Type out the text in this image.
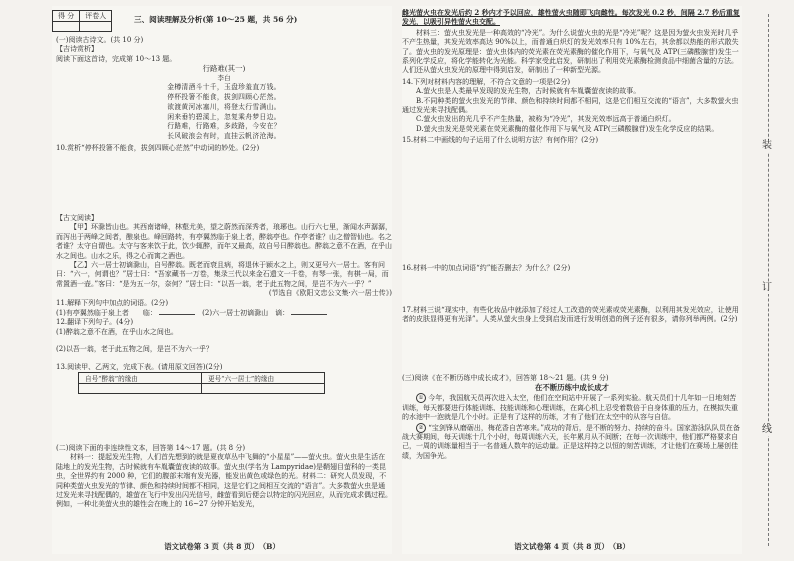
得 分	评卷人
		三、阅读理解及分析(第 10～25 题，共 56 分)

(一)阅读古诗文。(共 10 分)

【吉诗赏析】

阅读下面这首诗，完成第 10～13 题。

行路难(其一)

李白

金樽清酒斗十千，玉盘珍羞直万钱。

停杯投箸不能食，拔剑四顾心茫然。

欲渡黄河冰塞川，将登太行雪满山。

闲来垂钓碧溪上，忽复乘舟梦日边。

行路难，行路难，多歧路，今安在？

长风破浪会有时，直挂云帆济沧海。

10.赏析“停杯投箸不能食，拔剑四顾心茫然”中动词的妙处。(2分)

【古文阅读】

【甲】环滁皆山也。其西南诸峰，林壑尤美，望之蔚然而深秀者，琅琊也。山行六七里，渐闻水声潺潺，而泻出于两峰之间者，酿泉也。峰回路转，有亭翼然临于泉上者，醉翁亭也。作亭者谁？山之僧智仙也。名之者谁？太守自谓也。太守与客来饮于此，饮少辄醉，而年又最高，故自号曰醉翁也。醉翁之意不在酒，在乎山水之间也。山水之乐，得之心而寓之酒也。

【乙】六一居士初谪滁山，自号醉翁。既老而衰且病，将退休于颍水之上，则又更号六一居士。客有问曰：“六一，何谓也？”居士曰：“吾家藏书一万卷，集录三代以来金石遗文一千卷，有琴一张，有棋一局，而常置酒一壶。”客曰：“是为五一尔，奈何？”居士曰：“以吾一翁，老于此五物之间，是岂不为六一乎？”

(节选自《欧阳文忠公文集·六一居士传》)

11.解释下列句中加点的词语。(2分)

(1)有亭翼然临于泉上者　　临： 　	(2)六一居士初谪滁山　谪：

12.翻译下列句子。(4分)

(1)醉翁之意不在酒，在乎山水之间也。

(2)以吾一翁，老于此五物之间，是岂不为六一乎？

13.阅读甲、乙两文，完成下表。(请用原文回答)(2分)

自号“醉翁”的缘由	更号“六一居士”的缘由

(二)阅读下面的非连续性文本，回答第 14～17 题。(共 8 分)

材料一：提起发光生物，人们首先想到的就是夏夜草丛中飞舞的“小星星”——萤火虫。萤火虫是生活在陆地上的发光生物，古时候就有车胤囊萤夜读的故事。萤火虫(学名为 Lampyridae)是鞘翅目萤科的一类昆虫，全世界约有 2000 种，它们的腹部末端有发光器，能发出黄色或绿色的光。材料二：研究人员发现，不同种类萤火虫发光的节律、颜色和持续时间都不相同，这是它们之间相互交流的“语言”。大多数萤火虫是通过发光来寻找配偶的，雄萤在飞行中发出闪光信号，雌萤看到后便会以特定的闪光回应，从而完成求偶过程。例如，一种北美萤火虫的雄性会在晚上的 16~27 分钟开始发光，

语文试卷第 3 页（共 8 页）　（B）

雌光萤火虫在发光后约 2 秒内才予以回应，雄性萤火虫随即飞向雌性。每次发光 0.2 秒，间隔 2.7 秒后重复发光，以吸引异性萤火虫交配。

材料三：萤火虫发光是一种高效的“冷光”。为什么说萤火虫的光是“冷光”呢？这是因为萤火虫发光时几乎不产生热量，其发光效率高达 90%以上，而普通白炽灯的发光效率只有 10%左右，其余都以热能的形式散失了。萤火虫的发光原理是：萤火虫体内的荧光素在荧光素酶的催化作用下，与氧气及 ATP(三磷酸腺苷)发生一系列化学反应，将化学能转化为光能。科学家受此启发，研制出了利用荧光素酶检测食品中细菌含量的方法。人们还从萤火虫发光的原理中得到启发，研制出了一种新型光源。

14.下列对材料内容的理解，不符合文意的一项是(2分)

A.萤火虫是人类最早发现的发光生物，古时候就有车胤囊萤夜读的故事。

B.不同种类的萤火虫发光的节律、颜色和持续时间都不相同，这是它们相互交流的“语言”，大多数萤火虫通过发光来寻找配偶。

C.萤火虫发出的光几乎不产生热量，被称为“冷光”，其发光效率远高于普通白炽灯。

D.萤火虫发光是荧光素在荧光素酶的催化作用下与氧气及 ATP(三磷酸腺苷)发生化学反应的结果。

15.材料二中画线的句子运用了什么说明方法？有何作用？(2分)

16.材料一中的加点词语“约”能否删去？为什么？(2分)

17.材料三说“现实中，有些化妆品中就添加了经过人工改造的荧光素或荧光素酶，以利用其发光效应，让使用者的皮肤显得更有光泽”。人类从萤火虫身上受到启发而进行发明创造的例子还有很多，请你列举两例。(2分)

(三)阅读《在不断历练中成长成才》，回答第 18～21 题。(共 9 分)

在不断历练中成长成才

① 今年，我国航天员再次进入太空，他们在空间站中开展了一系列实验。航天员们十几年如一日地刻苦训练，每天都要进行体能训练、技能训练和心理训练，在离心机上忍受着数倍于自身体重的压力，在模拟失重的水池中一泡就是几个小时。正是有了这样的历练，才有了他们在太空中的从容与自信。

② “宝剑锋从磨砺出，梅花香自苦寒来。”成功的背后，是不断的努力、持续的奋斗。国家游泳队队员在备战大赛期间，每天训练十几个小时，每周训练六天，长年累月从不间断；在每一次训练中，他们都严格要求自己，一周的训练量相当于一名普通人数年的运动量。正是这样持之以恒的刻苦训练，才让他们在赛场上屡创佳绩，为国争光。

语文试卷第 4 页（共 8 页）　（B）
装
订
线
